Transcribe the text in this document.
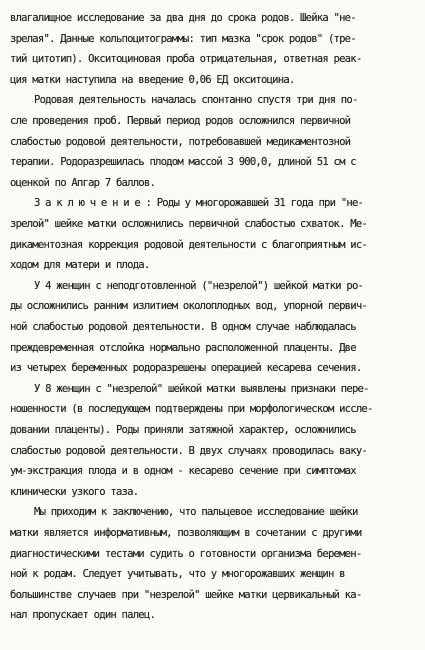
влагалищное исследование за два дня до срока родов. Шейка "не-
зрелая". Данные кольпоцитограммы: тип мазка "срок родов" (тре-
тий цитотип). Окситоциновая проба отрицательная, ответная реак-
ция матки наступила на введение 0,06 ЕД окситоцина.
Родовая деятельность началась спонтанно спустя три дня по-
сле проведения проб. Первый период родов осложнился первичной
слабостью родовой деятельности, потребовавшей медикаментозной
терапии. Родоразрешилась плодом массой 3 900,0, длиной 51 см с
оценкой по Апгар 7 баллов.
З а к л ю ч е н и е : Роды у многорожавшей 31 года при "не-
зрелой" шейке матки осложнились первичной слабостью схваток. Ме-
дикаментозная коррекция родовой деятельности с благоприятным ис-
ходом для матери и плода.
У 4 женщин с неподготовленной ("незрелой") шейкой матки ро-
ды осложнились ранним излитием околоплодных вод, упорной первич-
ной слабостью родовой деятельности. В одном случае наблюдалась
преждевременная отслойка нормально расположенной плаценты. Две
из четырех беременных родоразрешены операцией кесарева сечения.
У 8 женщин с "незрелой" шейкой матки выявлены признаки пере-
ношенности (в последующем подтверждены при морфологическом иссле-
довании плаценты). Роды приняли затяжной характер, осложнились
слабостью родовой деятельности. В двух случаях проводилась ваку-
ум-экстракция плода и в одном - кесарево сечение при симптомах
клинически узкого таза.
Мы приходим к заключению, что пальцевое исследование шейки
матки является информативным, позволяющим в сочетании с другими
диагностическими тестами судить о готовности организма беремен-
ной к родам. Следует учитывать, что у многорожавших женщин в
большинстве случаев при "незрелой" шейке матки цервикальный ка-
нал пропускает один палец.
